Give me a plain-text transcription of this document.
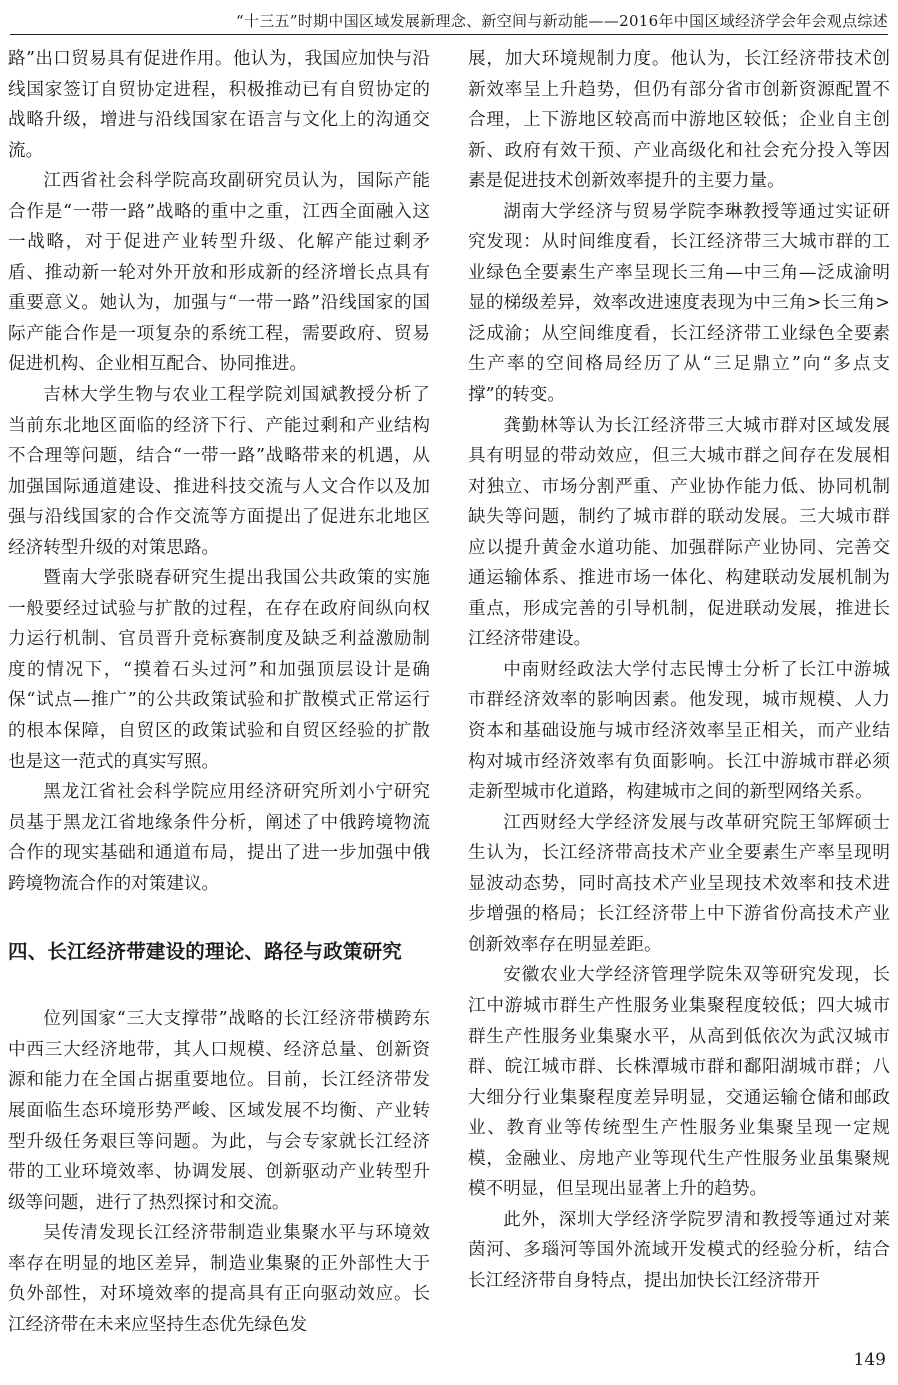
“十三五”时期中国区域发展新理念、新空间与新动能——2016年中国区域经济学会年会观点综述

路”出口贸易具有促进作用。他认为，我国应加快与沿线国家签订自贸协定进程，积极推动已有自贸协定的战略升级，增进与沿线国家在语言与文化上的沟通交流。

江西省社会科学院高玫副研究员认为，国际产能合作是“一带一路”战略的重中之重，江西全面融入这一战略，对于促进产业转型升级、化解产能过剩矛盾、推动新一轮对外开放和形成新的经济增长点具有重要意义。她认为，加强与“一带一路”沿线国家的国际产能合作是一项复杂的系统工程，需要政府、贸易促进机构、企业相互配合、协同推进。

吉林大学生物与农业工程学院刘国斌教授分析了当前东北地区面临的经济下行、产能过剩和产业结构不合理等问题，结合“一带一路”战略带来的机遇，从加强国际通道建设、推进科技交流与人文合作以及加强与沿线国家的合作交流等方面提出了促进东北地区经济转型升级的对策思路。

暨南大学张晓春研究生提出我国公共政策的实施一般要经过试验与扩散的过程，在存在政府间纵向权力运行机制、官员晋升竞标赛制度及缺乏利益激励制度的情况下，“摸着石头过河”和加强顶层设计是确保“试点—推广”的公共政策试验和扩散模式正常运行的根本保障，自贸区的政策试验和自贸区经验的扩散也是这一范式的真实写照。

黑龙江省社会科学院应用经济研究所刘小宁研究员基于黑龙江省地缘条件分析，阐述了中俄跨境物流合作的现实基础和通道布局，提出了进一步加强中俄跨境物流合作的对策建议。

四、长江经济带建设的理论、路径与政策研究

位列国家“三大支撑带”战略的长江经济带横跨东中西三大经济地带，其人口规模、经济总量、创新资源和能力在全国占据重要地位。目前，长江经济带发展面临生态环境形势严峻、区域发展不均衡、产业转型升级任务艰巨等问题。为此，与会专家就长江经济带的工业环境效率、协调发展、创新驱动产业转型升级等问题，进行了热烈探讨和交流。

吴传清发现长江经济带制造业集聚水平与环境效率存在明显的地区差异，制造业集聚的正外部性大于负外部性，对环境效率的提高具有正向驱动效应。长江经济带在未来应坚持生态优先绿色发

展，加大环境规制力度。他认为，长江经济带技术创新效率呈上升趋势，但仍有部分省市创新资源配置不合理，上下游地区较高而中游地区较低；企业自主创新、政府有效干预、产业高级化和社会充分投入等因素是促进技术创新效率提升的主要力量。

湖南大学经济与贸易学院李琳教授等通过实证研究发现：从时间维度看，长江经济带三大城市群的工业绿色全要素生产率呈现长三角—中三角—泛成渝明显的梯级差异，效率改进速度表现为中三角>长三角>泛成渝；从空间维度看，长江经济带工业绿色全要素生产率的空间格局经历了从“三足鼎立”向“多点支撑”的转变。

龚勤林等认为长江经济带三大城市群对区域发展具有明显的带动效应，但三大城市群之间存在发展相对独立、市场分割严重、产业协作能力低、协同机制缺失等问题，制约了城市群的联动发展。三大城市群应以提升黄金水道功能、加强群际产业协同、完善交通运输体系、推进市场一体化、构建联动发展机制为重点，形成完善的引导机制，促进联动发展，推进长江经济带建设。

中南财经政法大学付志民博士分析了长江中游城市群经济效率的影响因素。他发现，城市规模、人力资本和基础设施与城市经济效率呈正相关，而产业结构对城市经济效率有负面影响。长江中游城市群必须走新型城市化道路，构建城市之间的新型网络关系。

江西财经大学经济发展与改革研究院王邹辉硕士生认为，长江经济带高技术产业全要素生产率呈现明显波动态势，同时高技术产业呈现技术效率和技术进步增强的格局；长江经济带上中下游省份高技术产业创新效率存在明显差距。

安徽农业大学经济管理学院朱双等研究发现，长江中游城市群生产性服务业集聚程度较低；四大城市群生产性服务业集聚水平，从高到低依次为武汉城市群、皖江城市群、长株潭城市群和鄱阳湖城市群；八大细分行业集聚程度差异明显，交通运输仓储和邮政业、教育业等传统型生产性服务业集聚呈现一定规模，金融业、房地产业等现代生产性服务业虽集聚规模不明显，但呈现出显著上升的趋势。

此外，深圳大学经济学院罗清和教授等通过对莱茵河、多瑙河等国外流域开发模式的经验分析，结合长江经济带自身特点，提出加快长江经济带开

149
